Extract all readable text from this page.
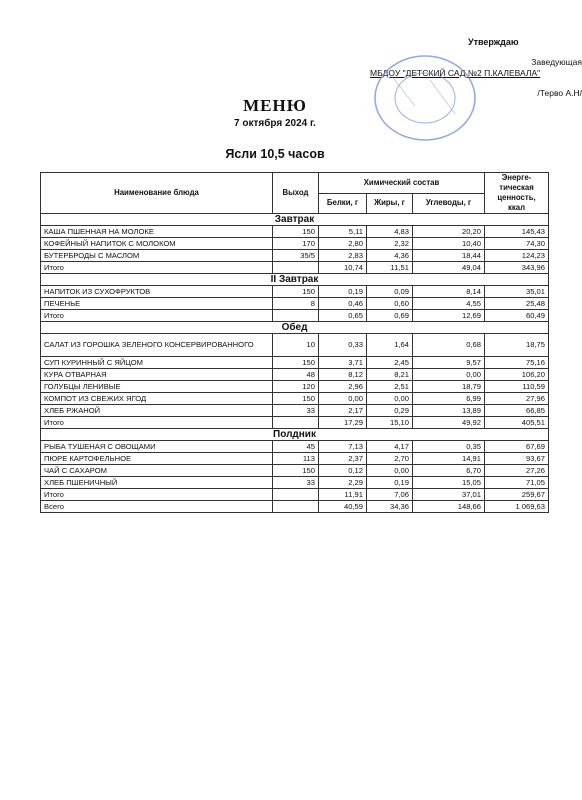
Утверждаю
Заведующая
МБДОУ "ДЕТСКИЙ САД №2 П.КАЛЕВАЛА"
/Терво А.Н/
МЕНЮ
7 октября 2024 г.
Ясли 10,5 часов
Наименование блюда	Выход	Химический состав			Энерге-тическая ценность, ккал
		Белки, г	Жиры, г	Углеводы, г	
Завтрак					
КАША ПШЕННАЯ НА МОЛОКЕ	150	5,11	4,83	20,20	145,43
КОФЕЙНЫЙ НАПИТОК С МОЛОКОМ	170	2,80	2,32	10,40	74,30
БУТЕРБРОДЫ С МАСЛОМ	35/5	2,83	4,36	18,44	124,23
Итого		10,74	11,51	49,04	343,96
II Завтрак					
НАПИТОК ИЗ СУХОФРУКТОВ	150	0,19	0,09	8,14	35,01
ПЕЧЕНЬЕ	8	0,46	0,60	4,55	25,48
Итого		0,65	0,69	12,69	60,49
Обед					
САЛАТ ИЗ ГОРОШКА ЗЕЛЕНОГО КОНСЕРВИРОВАННОГО	10	0,33	1,64	0,68	18,75
СУП КУРИННЫЙ С ЯЙЦОМ	150	3,71	2,45	9,57	75,16
КУРА ОТВАРНАЯ	48	8,12	8,21	0,00	106,20
ГОЛУБЦЫ ЛЕНИВЫЕ	120	2,96	2,51	18,79	110,59
КОМПОТ ИЗ СВЕЖИХ ЯГОД	150	0,00	0,00	6,99	27,96
ХЛЕБ РЖАНОЙ	33	2,17	0,29	13,89	66,85
Итого		17,29	15,10	49,92	405,51
Полдник					
РЫБА ТУШЕНАЯ С ОВОЩАМИ	45	7,13	4,17	0,35	67,69
ПЮРЕ КАРТОФЕЛЬНОЕ	113	2,37	2,70	14,91	93,67
ЧАЙ С САХАРОМ	150	0,12	0,00	6,70	27,26
ХЛЕБ ПШЕНИЧНЫЙ	33	2,29	0,19	15,05	71,05
Итого		11,91	7,06	37,01	259,67
Всего		40,59	34,36	148,66	1 069,63
